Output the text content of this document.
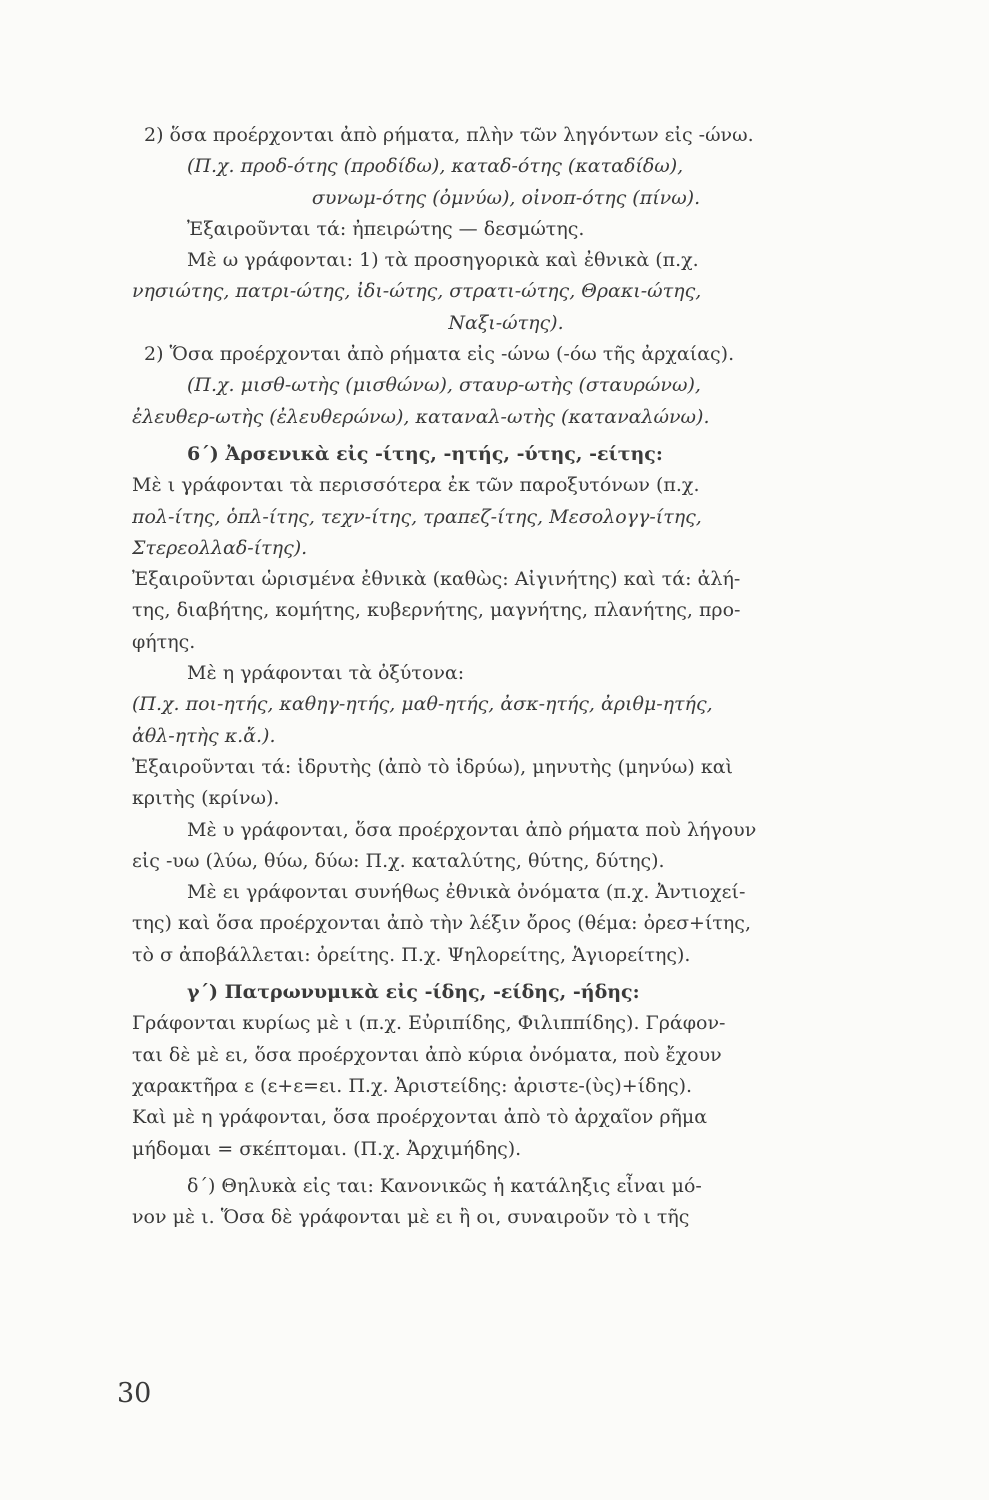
2) ὅσα προέρχονται ἀπὸ ρήματα, πλὴν τῶν ληγόντων εἰς -ώνω.
(Π.χ. προδ-ότης (προδίδω), καταδ-ότης (καταδίδω),
συνωμ-ότης (ὀμνύω), οἰνοπ-ότης (πίνω).
Ἐξαιροῦνται τά: ἠπειρώτης — δεσμώτης.
Μὲ ω γράφονται: 1) τὰ προσηγορικὰ καὶ ἐθνικὰ (π.χ.
νησιώτης, πατρι-ώτης, ἰδι-ώτης, στρατι-ώτης, Θρακι-ώτης,
Ναξι-ώτης).
2) Ὅσα προέρχονται ἀπὸ ρήματα εἰς -ώνω (-όω τῆς ἀρχαίας).
(Π.χ. μισθ-ωτὴς (μισθώνω), σταυρ-ωτὴς (σταυρώνω),
ἐλευθερ-ωτὴς (ἐλευθερώνω), καταναλ-ωτὴς (καταναλώνω).
6΄) Ἀρσενικὰ εἰς -ίτης, -ητής, -ύτης, -είτης:
Μὲ ι γράφονται τὰ περισσότερα ἐκ τῶν παροξυτόνων (π.χ.
πολ-ίτης, ὁπλ-ίτης, τεχν-ίτης, τραπεζ-ίτης, Μεσολογγ-ίτης,
Στερεολλαδ-ίτης).
Ἐξαιροῦνται ὡρισμένα ἐθνικὰ (καθὼς: Αἰγινήτης) καὶ τά: ἀλή-
της, διαβήτης, κομήτης, κυβερνήτης, μαγνήτης, πλανήτης, προ-
φήτης.
Μὲ η γράφονται τὰ ὀξύτονα:
(Π.χ. ποι-ητής, καθηγ-ητής, μαθ-ητής, ἀσκ-ητής, ἀριθμ-ητής,
ἀθλ-ητὴς κ.ἄ.).
Ἐξαιροῦνται τά: ἱδρυτὴς (ἀπὸ τὸ ἱδρύω), μηνυτὴς (μηνύω) καὶ
κριτὴς (κρίνω).
Μὲ υ γράφονται, ὅσα προέρχονται ἀπὸ ρήματα ποὺ λήγουν
εἰς -υω (λύω, θύω, δύω: Π.χ. καταλύτης, θύτης, δύτης).
Μὲ ει γράφονται συνήθως ἐθνικὰ ὀνόματα (π.χ. Ἀντιοχεί-
της) καὶ ὅσα προέρχονται ἀπὸ τὴν λέξιν ὄρος (θέμα: ὀρεσ+ίτης,
τὸ σ ἀποβάλλεται: ὀρείτης. Π.χ. Ψηλορείτης, Ἁγιορείτης).
γ΄) Πατρωνυμικὰ εἰς -ίδης, -είδης, -ήδης:
Γράφονται κυρίως μὲ ι (π.χ. Εὐριπίδης, Φιλιππίδης). Γράφον-
ται δὲ μὲ ει, ὅσα προέρχονται ἀπὸ κύρια ὀνόματα, ποὺ ἔχουν
χαρακτῆρα ε (ε+ε=ει. Π.χ. Ἀριστείδης: ἀριστε-(ὺς)+ίδης).
Καὶ μὲ η γράφονται, ὅσα προέρχονται ἀπὸ τὸ ἀρχαῖον ρῆμα
μήδομαι = σκέπτομαι. (Π.χ. Ἀρχιμήδης).
δ΄) Θηλυκὰ εἰς ται: Κανονικῶς ἡ κατάληξις εἶναι μό-
νον μὲ ι. Ὅσα δὲ γράφονται μὲ ει ἢ οι, συναιροῦν τὸ ι τῆς
30
